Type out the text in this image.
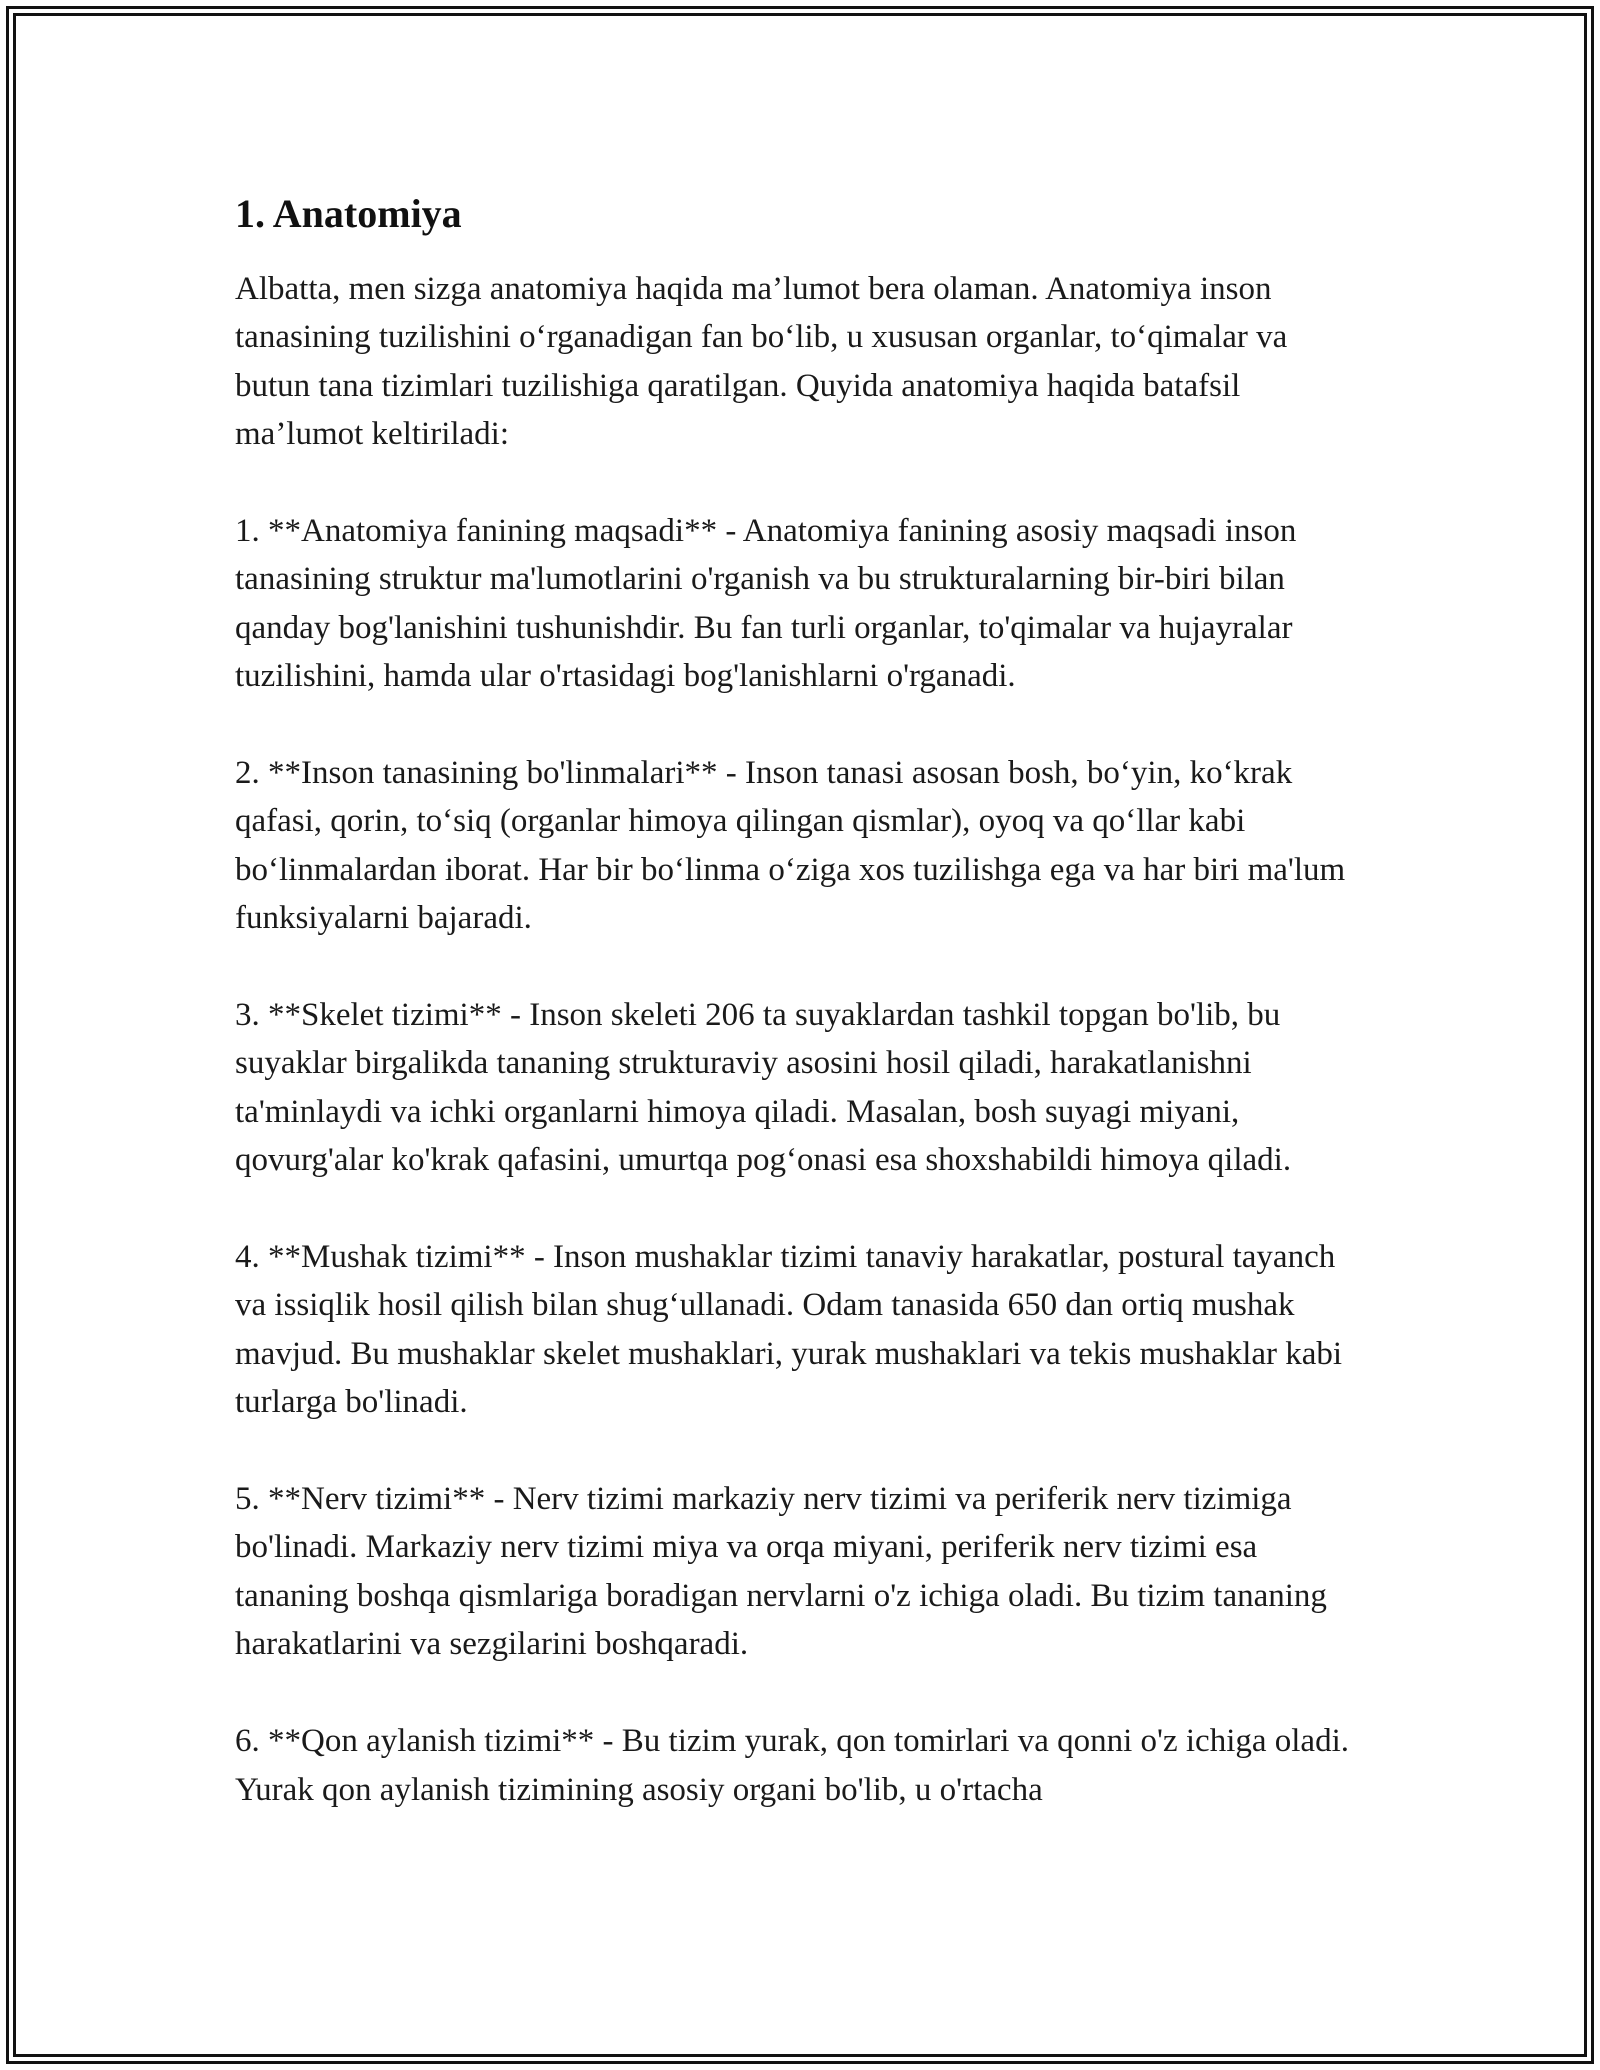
1. Anatomiya

Albatta, men sizga anatomiya haqida ma’lumot bera olaman. Anatomiya inson tanasining tuzilishini o‘rganadigan fan bo‘lib, u xususan organlar, to‘qimalar va butun tana tizimlari tuzilishiga qaratilgan. Quyida anatomiya haqida batafsil ma’lumot keltiriladi:

1. **Anatomiya fanining maqsadi** - Anatomiya fanining asosiy maqsadi inson tanasining struktur ma'lumotlarini o'rganish va bu strukturalarning bir-biri bilan qanday bog'lanishini tushunishdir. Bu fan turli organlar, to'qimalar va hujayralar tuzilishini, hamda ular o'rtasidagi bog'lanishlarni o'rganadi.

2. **Inson tanasining bo'linmalari** - Inson tanasi asosan bosh, bo‘yin, ko‘krak qafasi, qorin, to‘siq (organlar himoya qilingan qismlar), oyoq va qo‘llar kabi bo‘linmalardan iborat. Har bir bo‘linma o‘ziga xos tuzilishga ega va har biri ma'lum funksiyalarni bajaradi.

3. **Skelet tizimi** - Inson skeleti 206 ta suyaklardan tashkil topgan bo'lib, bu suyaklar birgalikda tananing strukturaviy asosini hosil qiladi, harakatlanishni ta'minlaydi va ichki organlarni himoya qiladi. Masalan, bosh suyagi miyani, qovurg'alar ko'krak qafasini, umurtqa pog‘onasi esa shoxshabildi himoya qiladi.

4. **Mushak tizimi** - Inson mushaklar tizimi tanaviy harakatlar, postural tayanch va issiqlik hosil qilish bilan shug‘ullanadi. Odam tanasida 650 dan ortiq mushak mavjud. Bu mushaklar skelet mushaklari, yurak mushaklari va tekis mushaklar kabi turlarga bo'linadi.

5. **Nerv tizimi** - Nerv tizimi markaziy nerv tizimi va periferik nerv tizimiga bo'linadi. Markaziy nerv tizimi miya va orqa miyani, periferik nerv tizimi esa tananing boshqa qismlariga boradigan nervlarni o'z ichiga oladi. Bu tizim tananing harakatlarini va sezgilarini boshqaradi.

6. **Qon aylanish tizimi** - Bu tizim yurak, qon tomirlari va qonni o'z ichiga oladi. Yurak qon aylanish tizimining asosiy organi bo'lib, u o'rtacha
